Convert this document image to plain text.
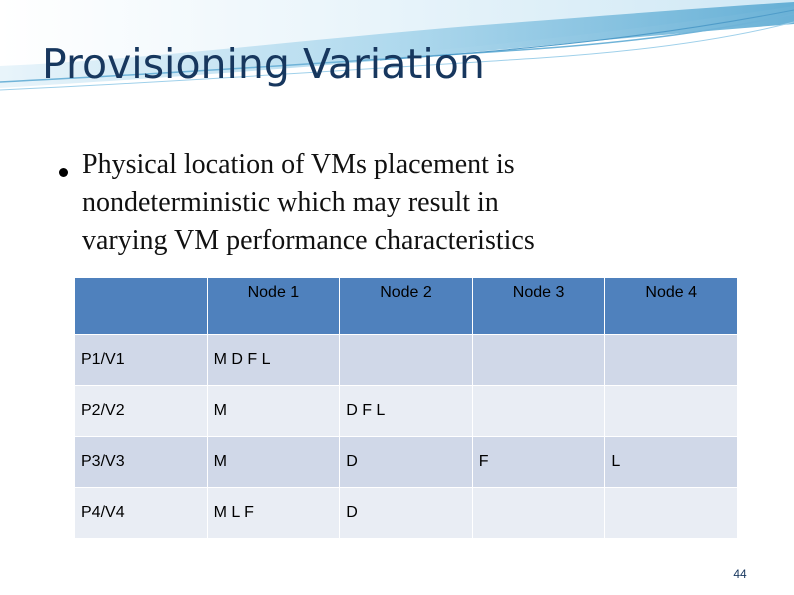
Provisioning Variation
Physical location of VMs placement is
nondeterministic which may result in
varying VM performance characteristics
	Node 1	Node 2	Node 3	Node 4
P1/V1	M D F L			
P2/V2	M	D F L		
P3/V3	M	D	F	L
P4/V4	M L F	D		
44
